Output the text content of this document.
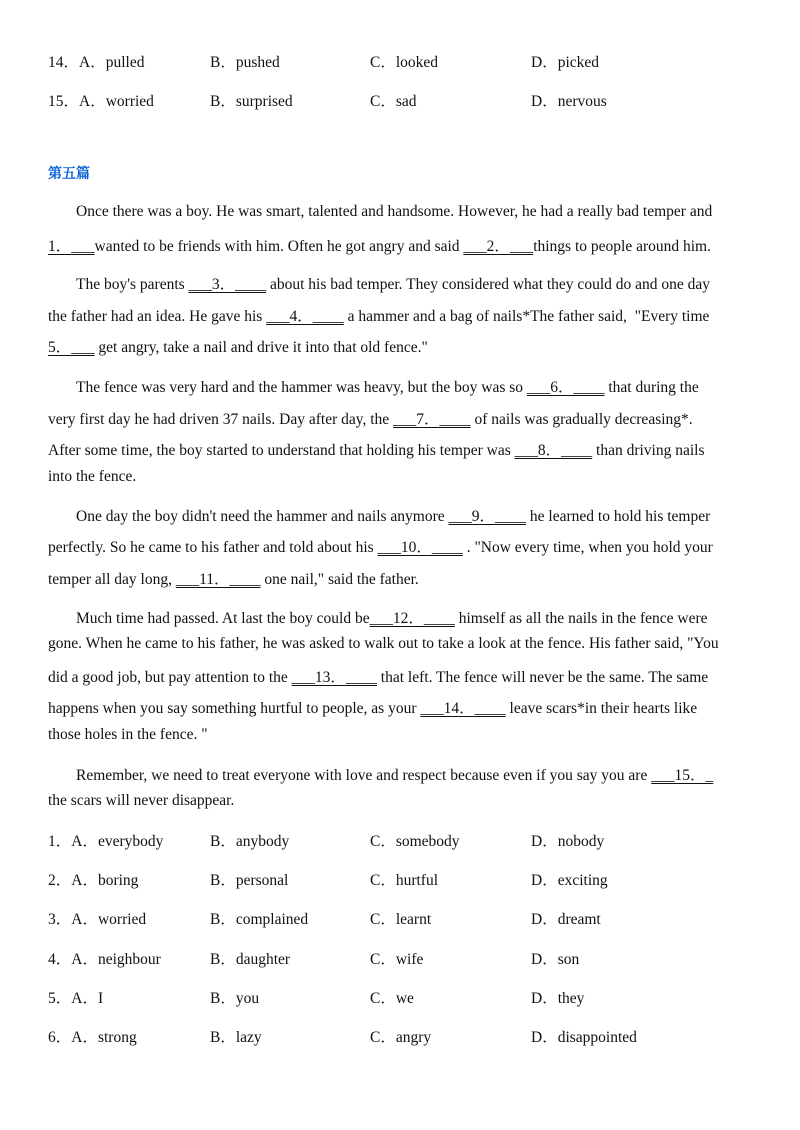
14．A．pulled	B．pushed	C．looked	D．picked
15．A．worried	B．surprised	C．sad	D．nervous
第五篇
Once there was a boy. He was smart, talented and handsome. However, he had a really bad temper and
1．___wanted to be friends with him. Often he got angry and said ___2．___things to people around him.
The boy's parents ___3．____ about his bad temper. They considered what they could do and one day
the father had an idea. He gave his ___4．____ a hammer and a bag of nails*The father said,  "Every time
5．___ get angry, take a nail and drive it into that old fence."
The fence was very hard and the hammer was heavy, but the boy was so ___6．____ that during the
very first day he had driven 37 nails. Day after day, the ___7．____ of nails was gradually decreasing*.
After some time, the boy started to understand that holding his temper was ___8．____ than driving nails
into the fence.
One day the boy didn't need the hammer and nails anymore ___9．____ he learned to hold his temper
perfectly. So he came to his father and told about his ___10．____ . "Now every time, when you hold your
temper all day long, ___11．____ one nail," said the father.
Much time had passed. At last the boy could be___12．____ himself as all the nails in the fence were
gone. When he came to his father, he was asked to walk out to take a look at the fence. His father said, "You
did a good job, but pay attention to the ___13．____ that left. The fence will never be the same. The same
happens when you say something hurtful to people, as your ___14．____ leave scars*in their hearts like
those holes in the fence. "
Remember, we need to treat everyone with love and respect because even if you say you are ___15．_
the scars will never disappear.
1．A．everybody	B．anybody	C．somebody	D．nobody
2．A．boring	B．personal	C．hurtful	D．exciting
3．A．worried	B．complained	C．learnt	D．dreamt
4．A．neighbour	B．daughter	C．wife	D．son
5．A．I	B．you	C．we	D．they
6．A．strong	B．lazy	C．angry	D．disappointed
